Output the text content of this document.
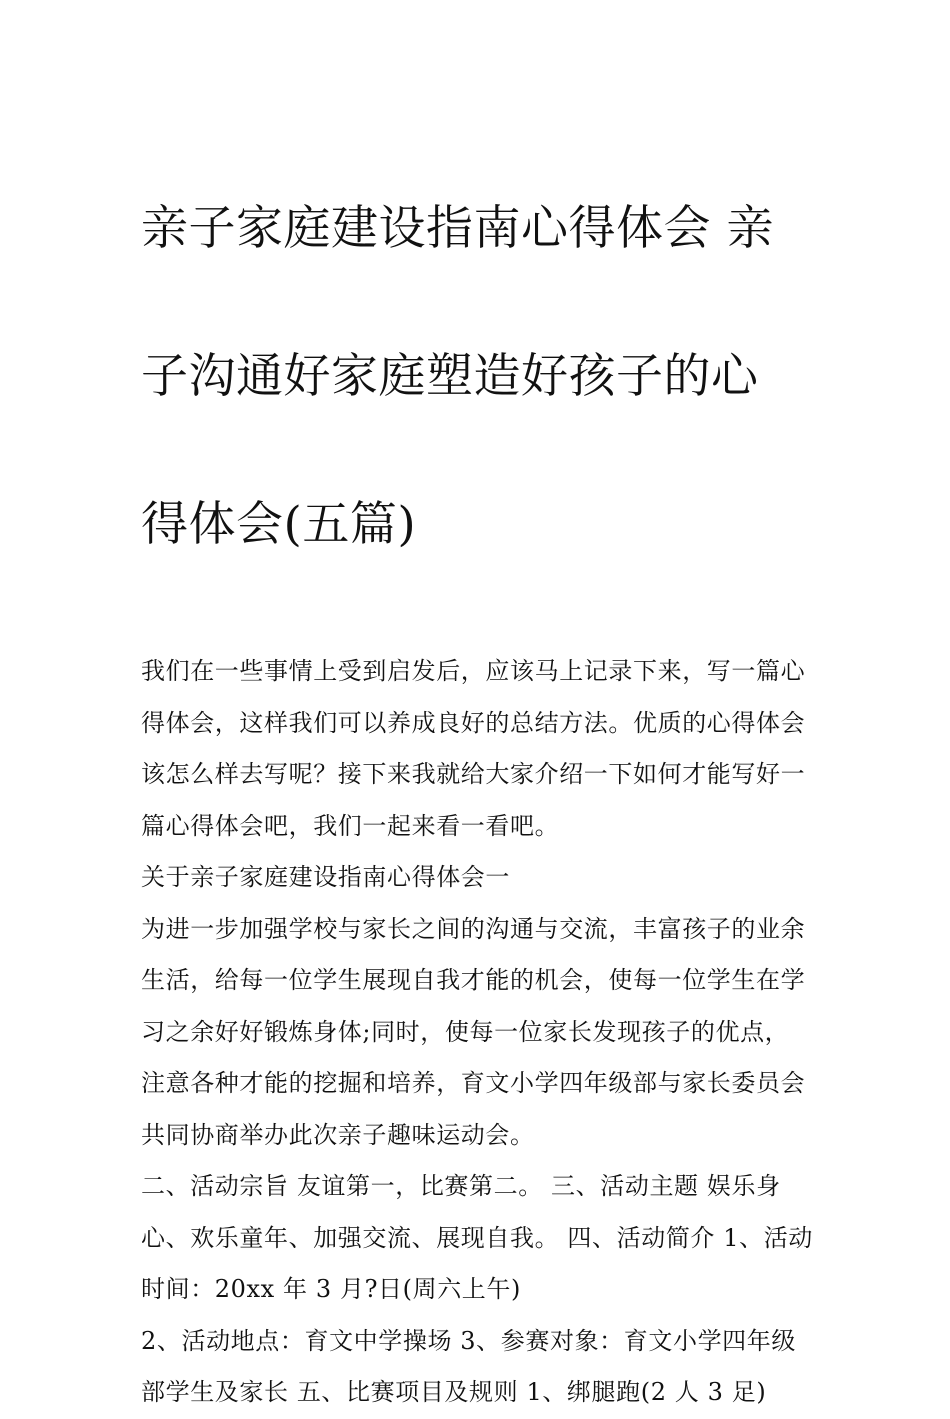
亲子家庭建设指南心得体会 亲

子沟通好家庭塑造好孩子的心

得体会(五篇)

我们在一些事情上受到启发后，应该马上记录下来，写一篇心
得体会，这样我们可以养成良好的总结方法。优质的心得体会
该怎么样去写呢？接下来我就给大家介绍一下如何才能写好一
篇心得体会吧，我们一起来看一看吧。
关于亲子家庭建设指南心得体会一
为进一步加强学校与家长之间的沟通与交流，丰富孩子的业余
生活，给每一位学生展现自我才能的机会，使每一位学生在学
习之余好好锻炼身体;同时，使每一位家长发现孩子的优点，
注意各种才能的挖掘和培养，育文小学四年级部与家长委员会
共同协商举办此次亲子趣味运动会。
二、活动宗旨 友谊第一，比赛第二。 三、活动主题 娱乐身
心、欢乐童年、加强交流、展现自我。 四、活动简介 1、活动
时间：20xx 年 3 月?日(周六上午)
2、活动地点：育文中学操场 3、参赛对象：育文小学四年级
部学生及家长 五、比赛项目及规则 1、绑腿跑(2 人 3 足)
